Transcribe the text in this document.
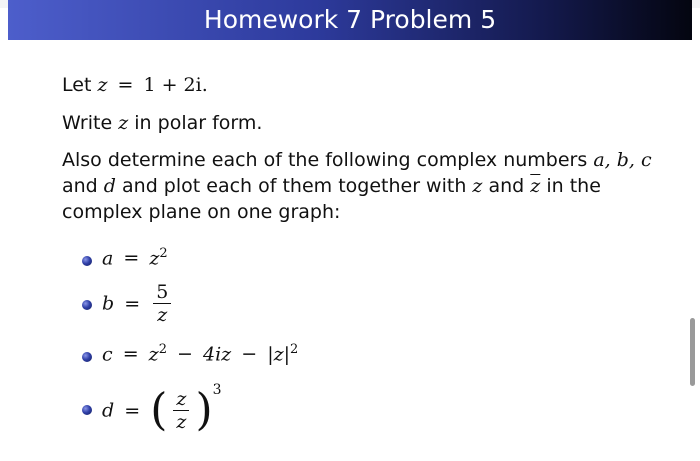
Homework 7 Problem 5

Let z = 1 + 2i.

Write z in polar form.

Also determine each of the following complex numbers a, b, c

and d and plot each of them together with z and $\overline{z}$ in the

complex plane on one graph:

$a = z^2$
$b = \frac{5}{z}$
$c = z^2 - 4iz - |z|^2$
d = ( $\frac{z}{z} )^3$
